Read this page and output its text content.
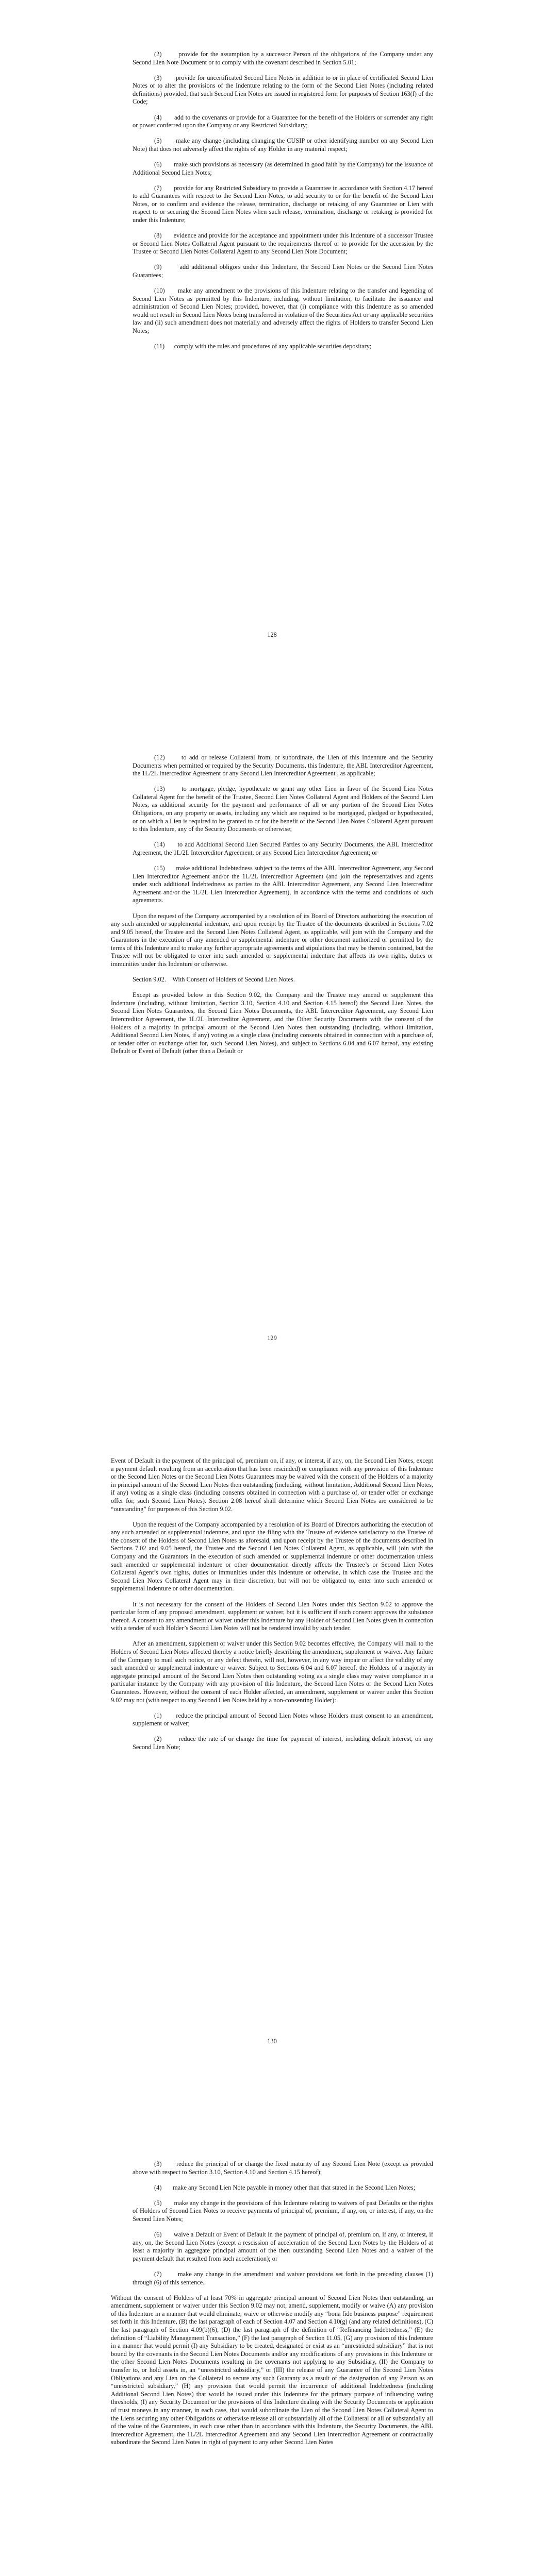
(2)       provide for the assumption by a successor Person of the obligations of the Company under any Second Lien Note Document or to comply with the covenant described in Section 5.01;

(3)       provide for uncertificated Second Lien Notes in addition to or in place of certificated Second Lien Notes or to alter the provisions of the Indenture relating to the form of the Second Lien Notes (including related definitions) provided, that such Second Lien Notes are issued in registered form for purposes of Section 163(f) of the Code;

(4)       add to the covenants or provide for a Guarantee for the benefit of the Holders or surrender any right or power conferred upon the Company or any Restricted Subsidiary;

(5)       make any change (including changing the CUSIP or other identifying number on any Second Lien Note) that does not adversely affect the rights of any Holder in any material respect;

(6)       make such provisions as necessary (as determined in good faith by the Company) for the issuance of Additional Second Lien Notes;

(7)       provide for any Restricted Subsidiary to provide a Guarantee in accordance with Section 4.17 hereof to add Guarantees with respect to the Second Lien Notes, to add security to or for the benefit of the Second Lien Notes, or to confirm and evidence the release, termination, discharge or retaking of any Guarantee or Lien with respect to or securing the Second Lien Notes when such release, termination, discharge or retaking is provided for under this Indenture;

(8)       evidence and provide for the acceptance and appointment under this Indenture of a successor Trustee or Second Lien Notes Collateral Agent pursuant to the requirements thereof or to provide for the accession by the Trustee or Second Lien Notes Collateral Agent to any Second Lien Note Document;

(9)       add additional obligors under this Indenture, the Second Lien Notes or the Second Lien Notes Guarantees;

(10)      make any amendment to the provisions of this Indenture relating to the transfer and legending of Second Lien Notes as permitted by this Indenture, including, without limitation, to facilitate the issuance and administration of Second Lien Notes; provided, however, that (i) compliance with this Indenture as so amended would not result in Second Lien Notes being transferred in violation of the Securities Act or any applicable securities law and (ii) such amendment does not materially and adversely affect the rights of Holders to transfer Second Lien Notes;

(11)      comply with the rules and procedures of any applicable securities depositary;

128

(12)      to add or release Collateral from, or subordinate, the Lien of this Indenture and the Security Documents when permitted or required by the Security Documents, this Indenture, the ABL Intercreditor Agreement, the 1L/2L Intercreditor Agreement or any Second Lien Intercreditor Agreement , as applicable;

(13)      to mortgage, pledge, hypothecate or grant any other Lien in favor of the Second Lien Notes Collateral Agent for the benefit of the Trustee, Second Lien Notes Collateral Agent and Holders of the Second Lien Notes, as additional security for the payment and performance of all or any portion of the Second Lien Notes Obligations, on any property or assets, including any which are required to be mortgaged, pledged or hypothecated, or on which a Lien is required to be granted to or for the benefit of the Second Lien Notes Collateral Agent pursuant to this Indenture, any of the Security Documents or otherwise;

(14)      to add Additional Second Lien Secured Parties to any Security Documents, the ABL Intercreditor Agreement, the 1L/2L Intercreditor Agreement, or any Second Lien Intercreditor Agreement; or

(15)      make additional Indebtedness subject to the terms of the ABL Intercreditor Agreement, any Second Lien Intercreditor Agreement and/or the 1L/2L Intercreditor Agreement (and join the representatives and agents under such additional Indebtedness as parties to the ABL Intercreditor Agreement, any Second Lien Intercreditor Agreement and/or the 1L/2L Lien Intercreditor Agreement), in accordance with the terms and conditions of such agreements.

Upon the request of the Company accompanied by a resolution of its Board of Directors authorizing the execution of any such amended or supplemental indenture, and upon receipt by the Trustee of the documents described in Sections 7.02 and 9.05 hereof, the Trustee and the Second Lien Notes Collateral Agent, as applicable, will join with the Company and the Guarantors in the execution of any amended or supplemental indenture or other document authorized or permitted by the terms of this Indenture and to make any further appropriate agreements and stipulations that may be therein contained, but the Trustee will not be obligated to enter into such amended or supplemental indenture that affects its own rights, duties or immunities under this Indenture or otherwise.

Section 9.02.    With Consent of Holders of Second Lien Notes.

Except as provided below in this Section 9.02, the Company and the Trustee may amend or supplement this Indenture (including, without limitation, Section 3.10, Section 4.10 and Section 4.15 hereof) the Second Lien Notes, the Second Lien Notes Guarantees, the Second Lien Notes Documents, the ABL Intercreditor Agreement, any Second Lien Intercreditor Agreement, the 1L/2L Intercreditor Agreement, and the Other Security Documents with the consent of the Holders of a majority in principal amount of the Second Lien Notes then outstanding (including, without limitation, Additional Second Lien Notes, if any) voting as a single class (including consents obtained in connection with a purchase of, or tender offer or exchange offer for, such Second Lien Notes), and subject to Sections 6.04 and 6.07 hereof, any existing Default or Event of Default (other than a Default or

129

Event of Default in the payment of the principal of, premium on, if any, or interest, if any, on, the Second Lien Notes, except a payment default resulting from an acceleration that has been rescinded) or compliance with any provision of this Indenture or the Second Lien Notes or the Second Lien Notes Guarantees may be waived with the consent of the Holders of a majority in principal amount of the Second Lien Notes then outstanding (including, without limitation, Additional Second Lien Notes, if any) voting as a single class (including consents obtained in connection with a purchase of, or tender offer or exchange offer for, such Second Lien Notes). Section 2.08 hereof shall determine which Second Lien Notes are considered to be “outstanding” for purposes of this Section 9.02.

Upon the request of the Company accompanied by a resolution of its Board of Directors authorizing the execution of any such amended or supplemental indenture, and upon the filing with the Trustee of evidence satisfactory to the Trustee of the consent of the Holders of Second Lien Notes as aforesaid, and upon receipt by the Trustee of the documents described in Sections 7.02 and 9.05 hereof, the Trustee and the Second Lien Notes Collateral Agent, as applicable, will join with the Company and the Guarantors in the execution of such amended or supplemental indenture or other documentation unless such amended or supplemental indenture or other documentation directly affects the Trustee’s or Second Lien Notes Collateral Agent’s own rights, duties or immunities under this Indenture or otherwise, in which case the Trustee and the Second Lien Notes Collateral Agent may in their discretion, but will not be obligated to, enter into such amended or supplemental Indenture or other documentation.

It is not necessary for the consent of the Holders of Second Lien Notes under this Section 9.02 to approve the particular form of any proposed amendment, supplement or waiver, but it is sufficient if such consent approves the substance thereof. A consent to any amendment or waiver under this Indenture by any Holder of Second Lien Notes given in connection with a tender of such Holder’s Second Lien Notes will not be rendered invalid by such tender.

After an amendment, supplement or waiver under this Section 9.02 becomes effective, the Company will mail to the Holders of Second Lien Notes affected thereby a notice briefly describing the amendment, supplement or waiver. Any failure of the Company to mail such notice, or any defect therein, will not, however, in any way impair or affect the validity of any such amended or supplemental indenture or waiver. Subject to Sections 6.04 and 6.07 hereof, the Holders of a majority in aggregate principal amount of the Second Lien Notes then outstanding voting as a single class may waive compliance in a particular instance by the Company with any provision of this Indenture, the Second Lien Notes or the Second Lien Notes Guarantees. However, without the consent of each Holder affected, an amendment, supplement or waiver under this Section 9.02 may not (with respect to any Second Lien Notes held by a non-consenting Holder):

(1)       reduce the principal amount of Second Lien Notes whose Holders must consent to an amendment, supplement or waiver;

(2)       reduce the rate of or change the time for payment of interest, including default interest, on any Second Lien Note;

130

(3)       reduce the principal of or change the fixed maturity of any Second Lien Note (except as provided above with respect to Section 3.10, Section 4.10 and Section 4.15 hereof);

(4)       make any Second Lien Note payable in money other than that stated in the Second Lien Notes;

(5)       make any change in the provisions of this Indenture relating to waivers of past Defaults or the rights of Holders of Second Lien Notes to receive payments of principal of, premium, if any, on, or interest, if any, on the Second Lien Notes;

(6)       waive a Default or Event of Default in the payment of principal of, premium on, if any, or interest, if any, on, the Second Lien Notes (except a rescission of acceleration of the Second Lien Notes by the Holders of at least a majority in aggregate principal amount of the then outstanding Second Lien Notes and a waiver of the payment default that resulted from such acceleration); or

(7)       make any change in the amendment and waiver provisions set forth in the preceding clauses (1) through (6) of this sentence.

Without the consent of Holders of at least 70% in aggregate principal amount of Second Lien Notes then outstanding, an amendment, supplement or waiver under this Section 9.02 may not, amend, supplement, modify or waive (A) any provision of this Indenture in a manner that would eliminate, waive or otherwise modify any “bona fide business purpose” requirement set forth in this Indenture, (B) the last paragraph of each of Section 4.07 and Section 4.10(g) (and any related definitions), (C) the last paragraph of Section 4.09(b)(6), (D) the last paragraph of the definition of “Refinancing Indebtedness,” (E) the definition of “Liability Management Transaction,” (F) the last paragraph of Section 11.05, (G) any provision of this Indenture in a manner that would permit (I) any Subsidiary to be created, designated or exist as an “unrestricted subsidiary” that is not bound by the covenants in the Second Lien Notes Documents and/or any modifications of any provisions in this Indenture or the other Second Lien Notes Documents resulting in the covenants not applying to any Subsidiary, (II) the Company to transfer to, or hold assets in, an “unrestricted subsidiary,” or (III) the release of any Guarantee of the Second Lien Notes Obligations and any Lien on the Collateral to secure any such Guaranty as a result of the designation of any Person as an “unrestricted subsidiary,” (H) any provision that would permit the incurrence of additional Indebtedness (including Additional Second Lien Notes) that would be issued under this Indenture for the primary purpose of influencing voting thresholds, (I) any Security Document or the provisions of this Indenture dealing with the Security Documents or application of trust moneys in any manner, in each case, that would subordinate the Lien of the Second Lien Notes Collateral Agent to the Liens securing any other Obligations or otherwise release all or substantially all of the Collateral or all or substantially all of the value of the Guarantees, in each case other than in accordance with this Indenture, the Security Documents, the ABL Intercreditor Agreement, the 1L/2L Intercreditor Agreement and any Second Lien Intercreditor Agreement or contractually subordinate the Second Lien Notes in right of payment to any other Second Lien Notes
